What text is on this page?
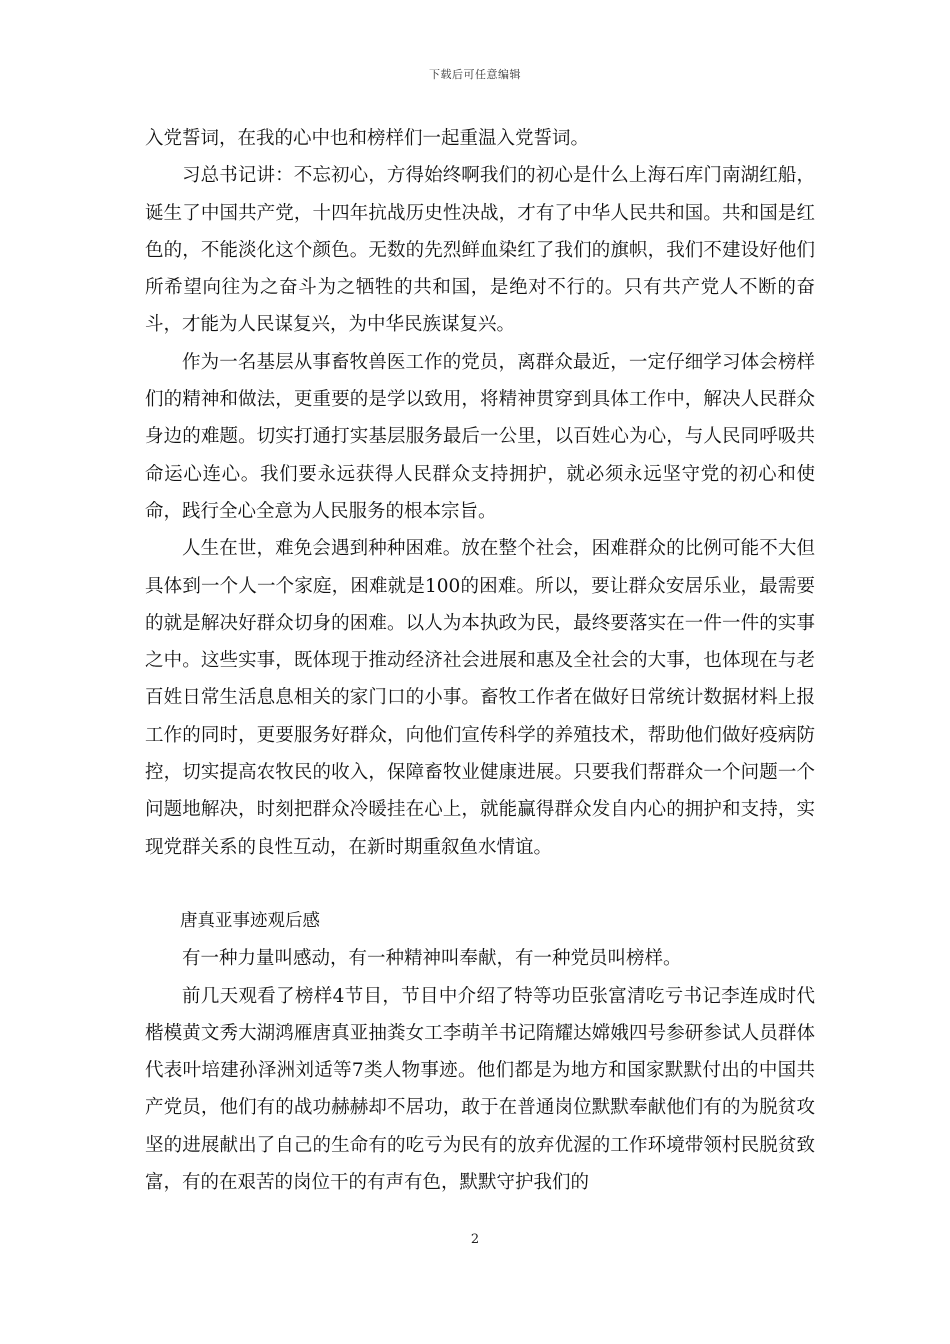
下载后可任意编辑

入党誓词，在我的心中也和榜样们一起重温入党誓词。

习总书记讲：不忘初心，方得始终啊我们的初心是什么上海石库门南湖红船，诞生了中国共产党，十四年抗战历史性决战，才有了中华人民共和国。共和国是红色的，不能淡化这个颜色。无数的先烈鲜血染红了我们的旗帜，我们不建设好他们所希望向往为之奋斗为之牺牲的共和国，是绝对不行的。只有共产党人不断的奋斗，才能为人民谋复兴，为中华民族谋复兴。

作为一名基层从事畜牧兽医工作的党员，离群众最近，一定仔细学习体会榜样们的精神和做法，更重要的是学以致用，将精神贯穿到具体工作中，解决人民群众身边的难题。切实打通打实基层服务最后一公里，以百姓心为心，与人民同呼吸共命运心连心。我们要永远获得人民群众支持拥护，就必须永远坚守党的初心和使命，践行全心全意为人民服务的根本宗旨。

人生在世，难免会遇到种种困难。放在整个社会，困难群众的比例可能不大但具体到一个人一个家庭，困难就是100的困难。所以，要让群众安居乐业，最需要的就是解决好群众切身的困难。以人为本执政为民，最终要落实在一件一件的实事之中。这些实事，既体现于推动经济社会进展和惠及全社会的大事，也体现在与老百姓日常生活息息相关的家门口的小事。畜牧工作者在做好日常统计数据材料上报工作的同时，更要服务好群众，向他们宣传科学的养殖技术，帮助他们做好疫病防控，切实提高农牧民的收入，保障畜牧业健康进展。只要我们帮群众一个问题一个问题地解决，时刻把群众冷暖挂在心上，就能赢得群众发自内心的拥护和支持，实现党群关系的良性互动，在新时期重叙鱼水情谊。

唐真亚事迹观后感

有一种力量叫感动，有一种精神叫奉献，有一种党员叫榜样。

前几天观看了榜样4节目，节目中介绍了特等功臣张富清吃亏书记李连成时代楷模黄文秀大湖鸿雁唐真亚抽粪女工李萌羊书记隋耀达嫦娥四号参研参试人员群体代表叶培建孙泽洲刘适等7类人物事迹。他们都是为地方和国家默默付出的中国共产党员，他们有的战功赫赫却不居功，敢于在普通岗位默默奉献他们有的为脱贫攻坚的进展献出了自己的生命有的吃亏为民有的放弃优渥的工作环境带领村民脱贫致富，有的在艰苦的岗位干的有声有色，默默守护我们的

2
